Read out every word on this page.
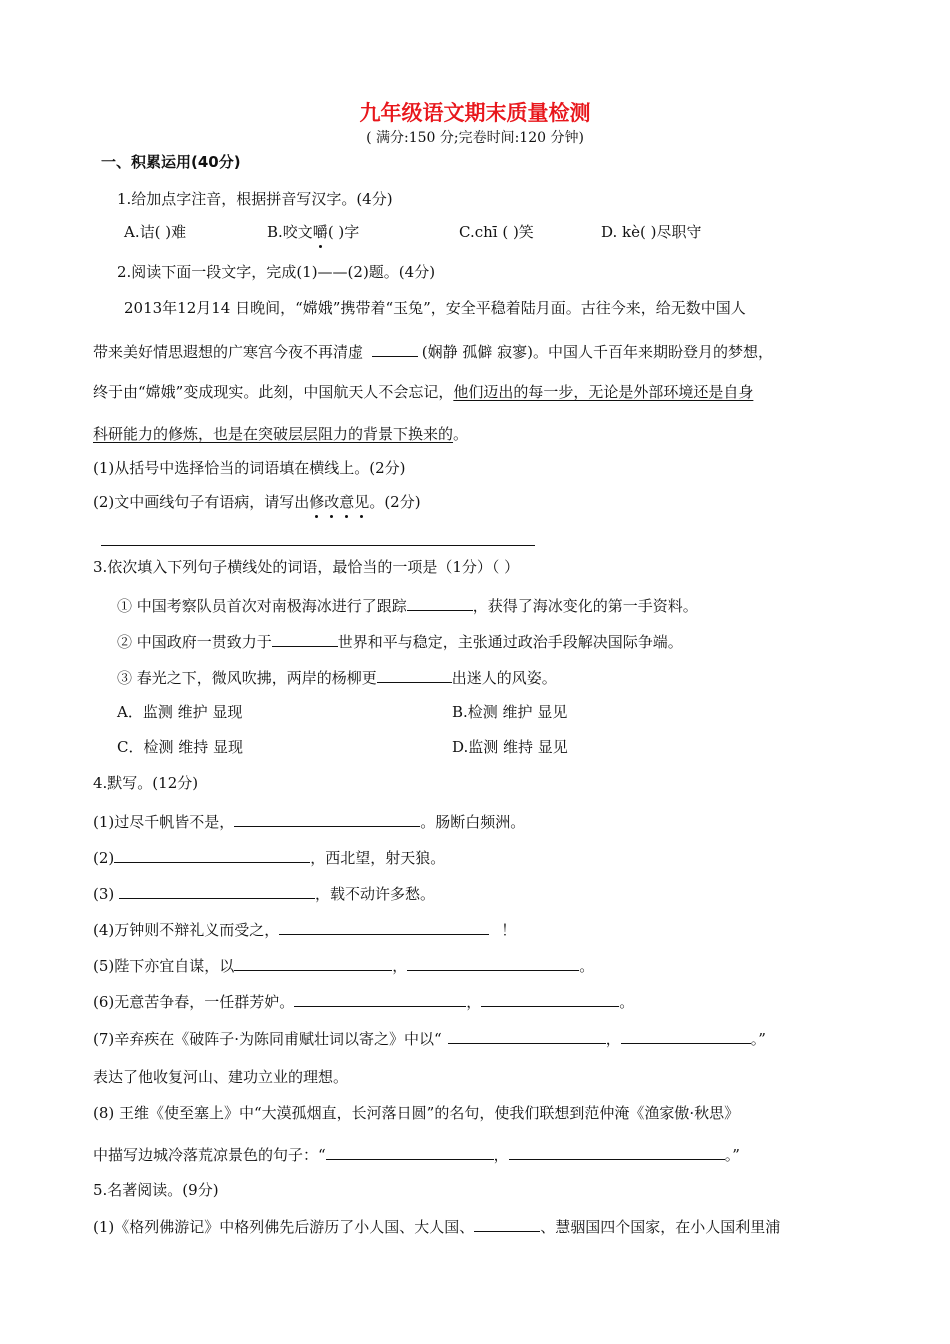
九年级语文期末质量检测
( 满分:150 分;完卷时间:120 分钟)
一、积累运用(40分)
1.给加点字注音，根据拼音写汉字。(4分)
A.诘( )难	B.咬文嚼( )字	C.chī ( )笑	D. kè( )尽职守
2.阅读下面一段文字，完成(1)——(2)题。(4分)
2013年12月14 日晚间，“嫦娥”携带着“玉兔”，安全平稳着陆月面。古往今来，给无数中国人
带来美好情思遐想的广寒宫今夜不再清虚	(娴静 孤僻 寂寥)。中国人千百年来期盼登月的梦想，
终于由“嫦娥”变成现实。此刻，中国航天人不会忘记，他们迈出的每一步，无论是外部环境还是自身
科研能力的修炼，也是在突破层层阻力的背景下换来的。
(1)从括号中选择恰当的词语填在横线上。(2分)
(2)文中画线句子有语病，请写出修改意见。(2分)
3.依次填入下列句子横线处的词语，最恰当的一项是（1分）（ ）
① 中国考察队员首次对南极海冰进行了跟踪	，获得了海冰变化的第一手资料。
② 中国政府一贯致力于	世界和平与稳定，主张通过政治手段解决国际争端。
③ 春光之下，微风吹拂，两岸的杨柳更	出迷人的风姿。
A．监测 维护 显现	B.检测 维护 显见
C．检测 维持 显现	D.监测 维持 显见
4.默写。(12分)
(1)过尽千帆皆不是，	。肠断白频洲。
(2)	，西北望，射天狼。
(3)	，载不动许多愁。
(4)万钟则不辩礼义而受之，	！
(5)陛下亦宜自谋，以	，	。
(6)无意苦争春，一任群芳妒。	，	。
(7)辛弃疾在《破阵子·为陈同甫赋壮词以寄之》中以“	，	。”
表达了他收复河山、建功立业的理想。
(8) 王维《使至塞上》中“大漠孤烟直，长河落日圆”的名句，使我们联想到范仲淹《渔家傲·秋思》
中描写边城冷落荒凉景色的句子：“	，	。”
5.名著阅读。(9分)
(1)《格列佛游记》中格列佛先后游历了小人国、大人国、	、慧骃国四个国家，在小人国利里浦
